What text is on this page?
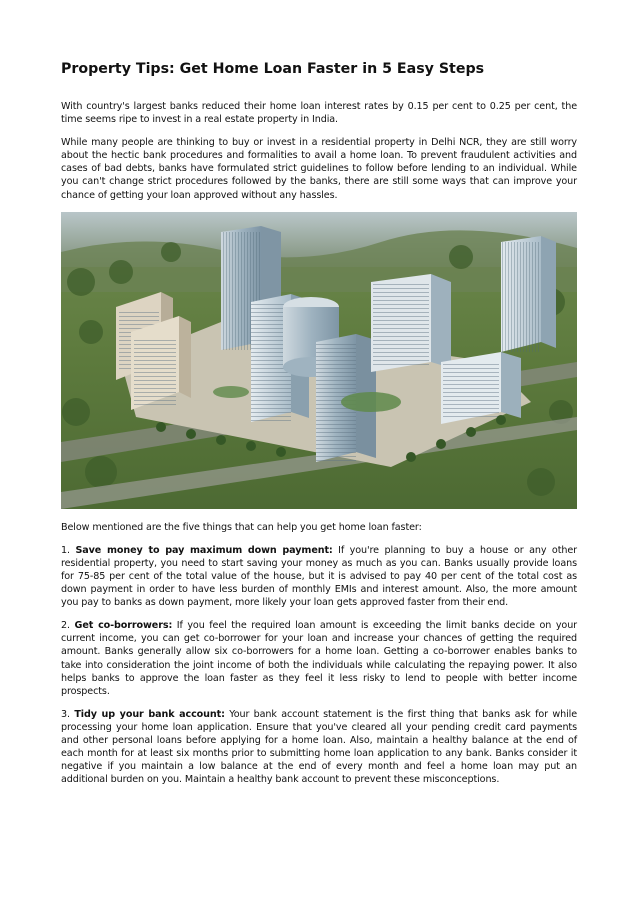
Property Tips: Get Home Loan Faster in 5 Easy Steps

With country's largest banks reduced their home loan interest rates by 0.15 per cent to 0.25 per cent, the time seems ripe to invest in a real estate property in India.

While many people are thinking to buy or invest in a residential property in Delhi NCR, they are still worry about the hectic bank procedures and formalities to avail a home loan. To prevent fraudulent activities and cases of bad debts, banks have formulated strict guidelines to follow before lending to an individual. While you can't change strict procedures followed by the banks, there are still some ways that can improve your chance of getting your loan approved without any hassles.

Below mentioned are the five things that can help you get home loan faster:

1. Save money to pay maximum down payment: If you're planning to buy a house or any other residential property, you need to start saving your money as much as you can. Banks usually provide loans for 75-85 per cent of the total value of the house, but it is advised to pay 40 per cent of the total cost as down payment in order to have less burden of monthly EMIs and interest amount. Also, the more amount you pay to banks as down payment, more likely your loan gets approved faster from their end.

2. Get co-borrowers: If you feel the required loan amount is exceeding the limit banks decide on your current income, you can get co-borrower for your loan and increase your chances of getting the required amount. Banks generally allow six co-borrowers for a home loan. Getting a co-borrower enables banks to take into consideration the joint income of both the individuals while calculating the repaying power. It also helps banks to approve the loan faster as they feel it less risky to lend to people with better income prospects.

3. Tidy up your bank account: Your bank account statement is the first thing that banks ask for while processing your home loan application. Ensure that you've cleared all your pending credit card payments and other personal loans before applying for a home loan. Also, maintain a healthy balance at the end of each month for at least six months prior to submitting home loan application to any bank. Banks consider it negative if you maintain a low balance at the end of every month and feel a home loan may put an additional burden on you. Maintain a healthy bank account to prevent these misconceptions.
